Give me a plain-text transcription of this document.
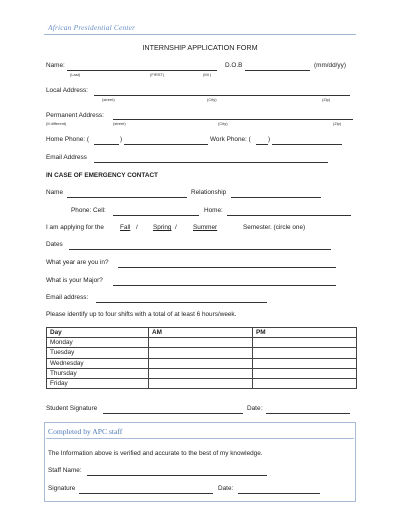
African Presidential Center
INTERNSHIP APPLICATION FORM
Name:
(Last)	(FIRST)	(MI )
D.O.B	(mm/dd/yy)
Local Address:
(street)	(City)	(Zip)
Permanent Address:
(If different)	(street)	(City)	(Zip)
Home Phone: (	)	Work Phone: (	)
Email Address
IN CASE OF EMERGENCY CONTACT
Name	Relationship
Phone: Cell:	Home:
I am applying for the	Fall / Spring /	Summer	Semester. (circle one)
Dates
What year are you in?
What is your Major?
Email address:
Please identify up to four shifts with a total of at least 6 hours/week.
Day	AM	PM
Monday		
Tuesday		
Wednesday		
Thursday		
Friday		
Student Signature	Date :
Completed by APC staff
The Information above is verified and accurate to the best of my knowledge.
Staff Name:
Signature	Date:
